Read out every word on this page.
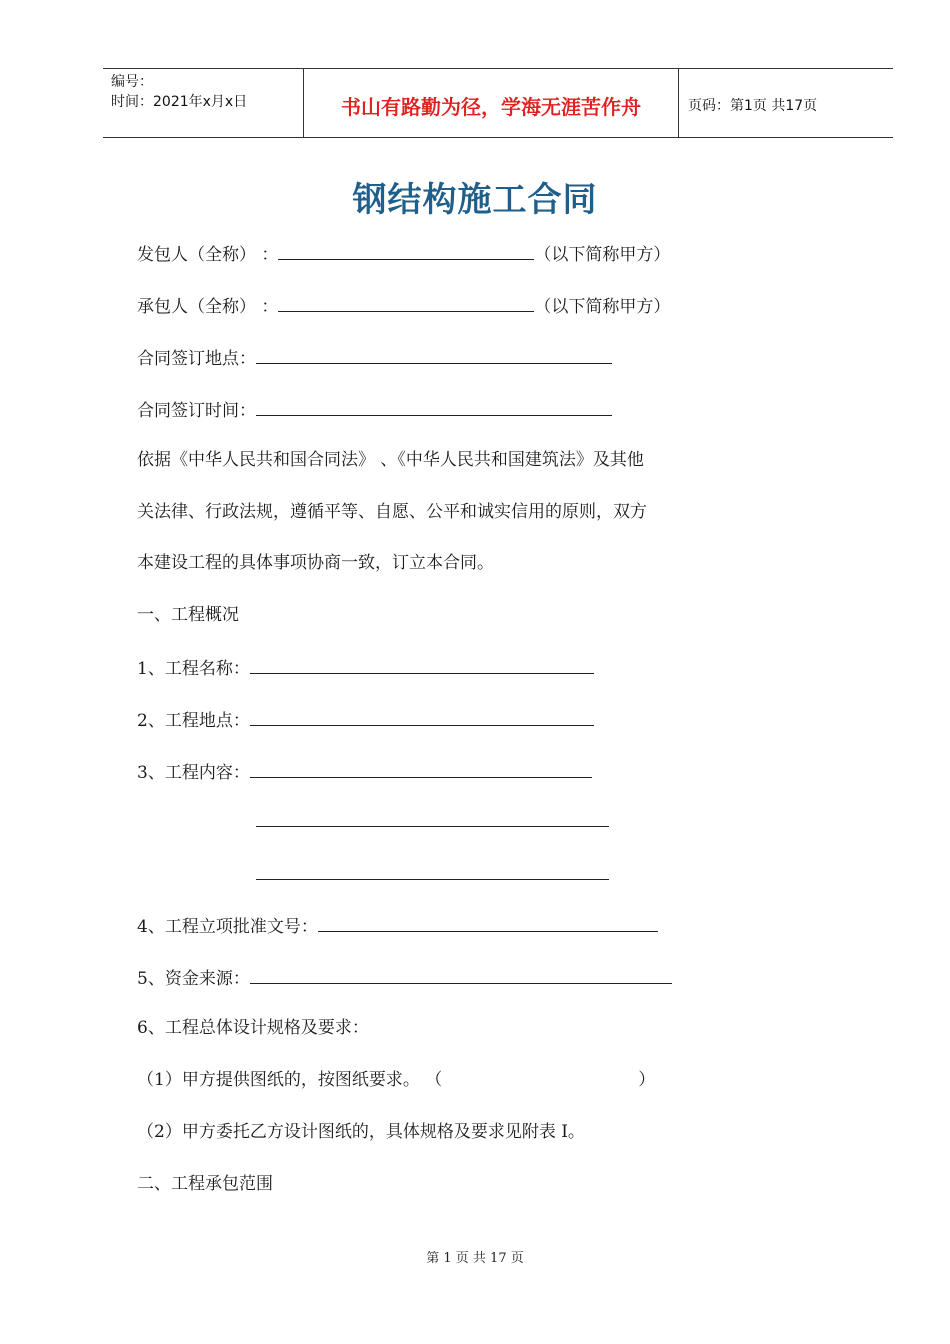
编号：
时间：2021年x月x日	书山有路勤为径，学海无涯苦作舟	页码：第1页 共17页
钢结构施工合同
发包人（全称） ：	（以下简称甲方）
承包人（全称） ：	（以下简称甲方）
合同签订地点：
合同签订时间：
依据《中华人民共和国合同法》 、《中华人民共和国建筑法》及其他
关法律、行政法规，遵循平等、自愿、公平和诚实信用的原则，双方
本建设工程的具体事项协商一致，订立本合同。
一、工程概况
1、工程名称：
2、工程地点：
3、工程内容：
4、工程立项批准文号：
5、资金来源：
6、工程总体设计规格及要求：
（1）甲方提供图纸的，按图纸要求。 （	）
（2）甲方委托乙方设计图纸的，具体规格及要求见附表 I。
二、工程承包范围
第 1 页 共 17 页
